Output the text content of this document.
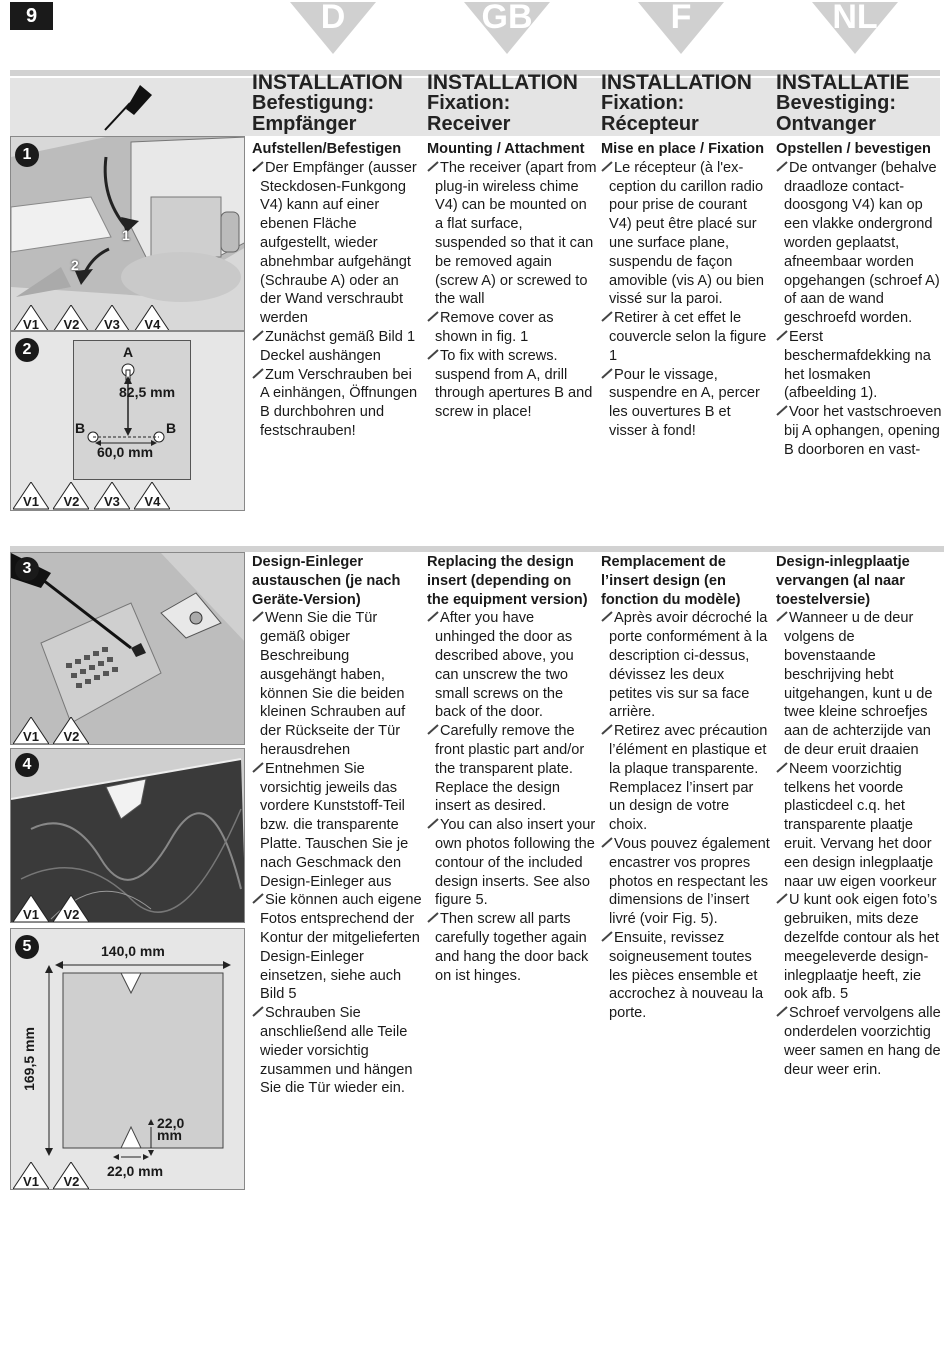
9	D	GB	F	NL
1
1
2
V1
	V2
	V3
	V4
2	A
82,5 mm
B	B
60,0 mm
V1
	V2
	V3
	V4
INSTALLATION
Befestigung:
Empfänger
INSTALLATION
Fixation:
Receiver
INSTALLATION
Fixation:
Récepteur
INSTALLATIE
Bevestiging:
Ontvanger
Aufstellen/Befestigen

Der Empfänger (ausser Steckdosen-Funkgong V4) kann auf einer ebenen Fläche aufgestellt, wieder abnehmbar aufgehängt (Schraube A) oder an der Wand verschraubt werden

Zunächst gemäß Bild 1 Deckel aushängen

Zum Verschrauben bei A einhängen, Öffnungen B durchbohren und festschrauben!

Mounting / Attachment

The receiver (apart from plug-in wireless chime V4) can be mounted on a flat surface, suspended so that it can be removed again (screw A) or screwed to the wall

Remove cover as shown in fig. 1

To fix with screws. suspend from A, drill through apertures B and screw in place!

Mise en place / Fixation

Le récepteur (à l'ex-ception du carillon radio pour prise de courant V4) peut être placé sur une surface plane, suspendu de façon amovible (vis A) ou bien vissé sur la paroi.

Retirer à cet effet le couvercle selon la figure 1

Pour le vissage, suspendre en A, percer les ouvertures B et visser à fond!

Opstellen / bevestigen

De ontvanger (behalve draadloze contact-doosgong V4) kan op een vlakke ondergrond worden geplaatst, afneembaar worden opgehangen (schroef A) of aan de wand geschroefd worden.

Eerst beschermafdekking na het losmaken (afbeelding 1).

Voor het vastschroeven bij A ophangen, opening B doorboren en vast-

3
V1
	V2
4
V1
	V2
5	140,0 mm
169,5 mm
22,0
mm
22,0 mm
V1
	V2
Design-Einleger austauschen (je nach Geräte-Version)

Wenn Sie die Tür gemäß obiger Beschreibung ausgehängt haben, können Sie die beiden kleinen Schrauben auf der Rückseite der Tür herausdrehen

Entnehmen Sie vorsichtig jeweils das vordere Kunststoff-Teil bzw. die transparente Platte. Tauschen Sie je nach Geschmack den Design-Einleger aus

Sie können auch eigene Fotos entsprechend der Kontur der mitgelieferten Design-Einleger einsetzen, siehe auch Bild 5

Schrauben Sie anschließend alle Teile wieder vorsichtig zusammen und hängen Sie die Tür wieder ein.

Replacing the design insert (depending on the equipment version)

After you have unhinged the door as described above, you can unscrew the two small screws on the back of the door.

Carefully remove the front plastic part and/or the transparent plate. Replace the design insert as desired.

You can also insert your own photos following the contour of the included design inserts. See also figure 5.

Then screw all parts carefully together again and hang the door back on ist hinges.

Remplacement de l’insert design (en fonction du modèle)

Après avoir décroché la porte conformément à la description ci-dessus, dévissez les deux petites vis sur sa face arrière.

Retirez avec précaution l’élément en plastique et la plaque transparente. Remplacez l’insert par un design de votre choix.

Vous pouvez également encastrer vos propres photos en respectant les dimensions de l’insert livré (voir Fig. 5).

Ensuite, revissez soigneusement toutes les pièces ensemble et accrochez à nouveau la porte.

Design-inlegplaatje vervangen (al naar toestelversie)

Wanneer u de deur volgens de bovenstaande beschrijving hebt uitgehangen, kunt u de twee kleine schroefjes aan de achterzijde van de deur eruit draaien

Neem voorzichtig telkens het voorde plasticdeel c.q. het transparente plaatje eruit. Vervang het door een design inlegplaatje naar uw eigen voorkeur

U kunt ook eigen foto’s gebruiken, mits deze dezelfde contour als het meegeleverde design-inlegplaatje heeft, zie ook afb. 5

Schroef vervolgens alle onderdelen voorzichtig weer samen en hang de deur weer erin.
